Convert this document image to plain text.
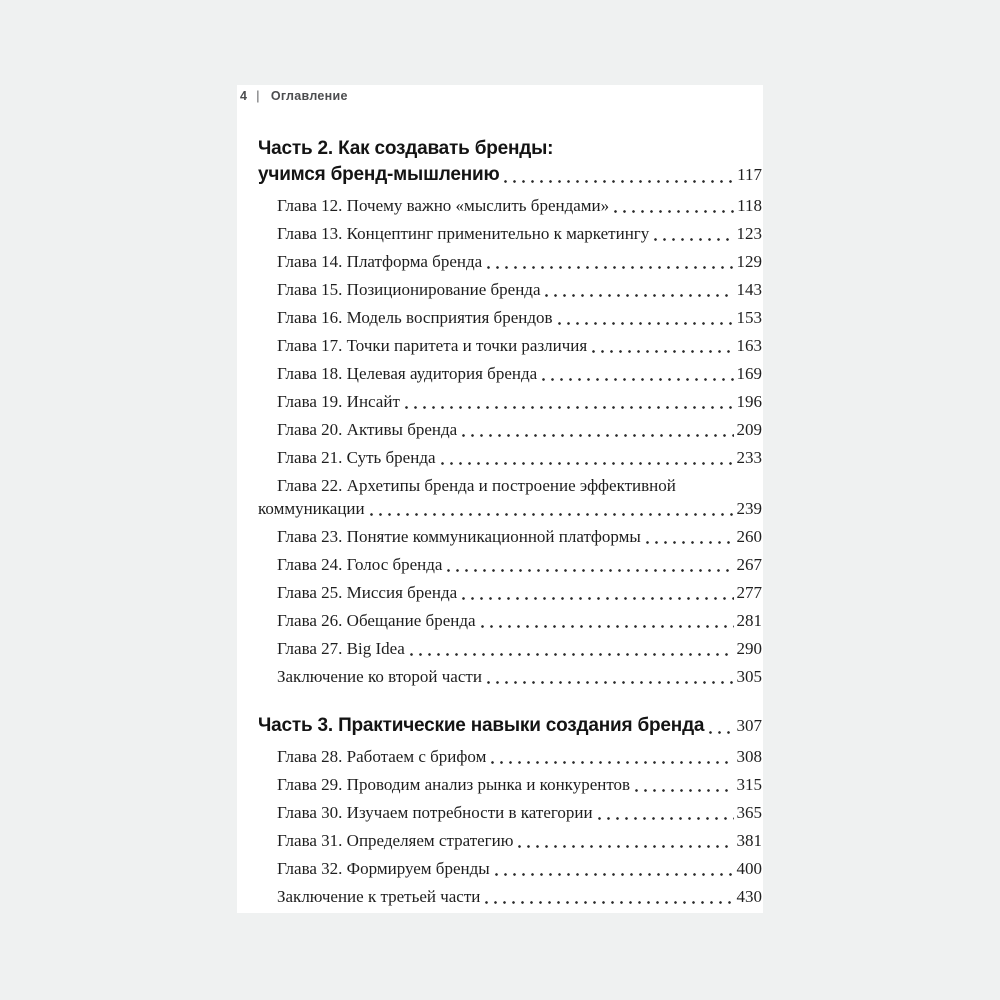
4 | Оглавление
Часть 2. Как создавать бренды:
учимся бренд-мышлению	117
Глава 12. Почему важно «мыслить брендами»	118
Глава 13. Концептинг применительно к маркетингу	123
Глава 14. Платформа бренда	129
Глава 15. Позиционирование бренда	143
Глава 16. Модель восприятия брендов	153
Глава 17. Точки паритета и точки различия	163
Глава 18. Целевая аудитория бренда	169
Глава 19. Инсайт	196
Глава 20. Активы бренда	209
Глава 21. Суть бренда	233
Глава 22. Архетипы бренда и построение эффективной
коммуникации	239
Глава 23. Понятие коммуникационной платформы	260
Глава 24. Голос бренда	267
Глава 25. Миссия бренда	277
Глава 26. Обещание бренда	281
Глава 27. Big Idea	290
Заключение ко второй части	305
Часть 3. Практические навыки создания бренда 307
Глава 28. Работаем с брифом	308
Глава 29. Проводим анализ рынка и конкурентов	315
Глава 30. Изучаем потребности в категории	365
Глава 31. Определяем стратегию	381
Глава 32. Формируем бренды	400
Заключение к третьей части	430
